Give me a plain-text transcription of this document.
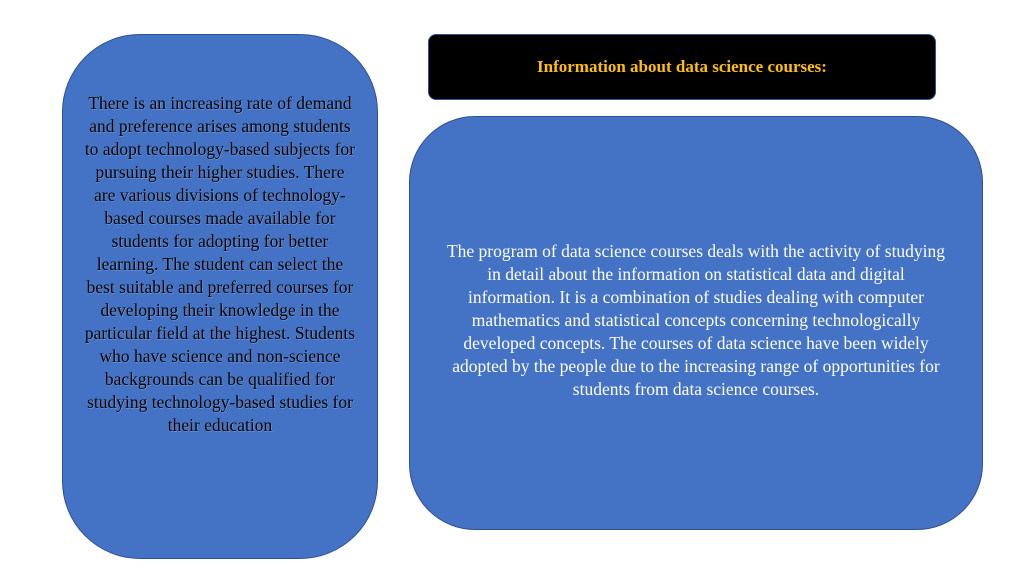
There is an increasing rate of demand and preference arises among students to adopt technology-based subjects for pursuing their higher studies. There are various divisions of technology-based courses made available for students for adopting for better learning. The student can select the best suitable and preferred courses for developing their knowledge in the particular field at the highest. Students who have science and non-science backgrounds can be qualified for studying technology-based studies for their education
Information about data science courses:
The program of data science courses deals with the activity of studying in detail about the information on statistical data and digital information. It is a combination of studies dealing with computer mathematics and statistical concepts concerning technologically developed concepts. The courses of data science have been widely adopted by the people due to the increasing range of opportunities for students from data science courses.
